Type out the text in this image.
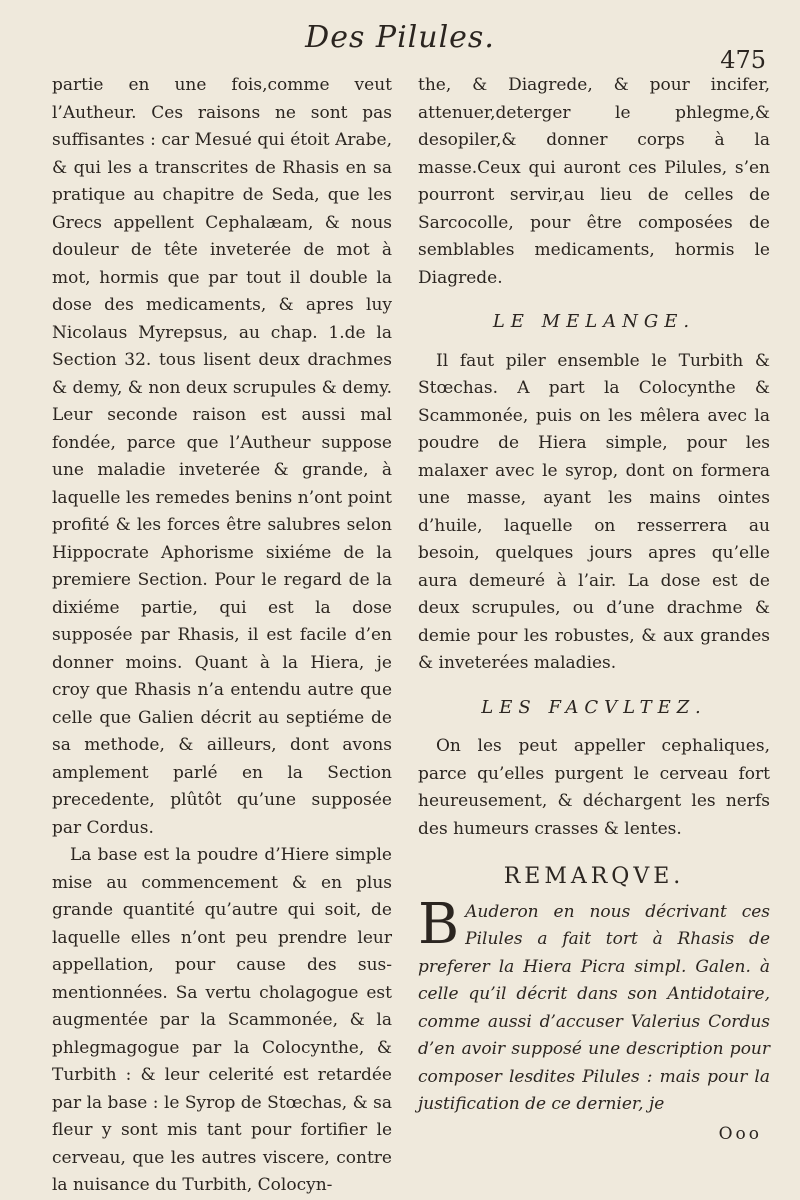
Des Pilules.
475

partie en une fois,comme veut l’Autheur. Ces raisons ne sont pas suffisantes : car Mesué qui étoit Arabe, & qui les a transcrites de Rhasis en sa pratique au chapitre de Seda, que les Grecs appellent Cephalæam, & nous douleur de tête inveterée de mot à mot, hormis que par tout il double la dose des medicaments, & apres luy Nicolaus Myrepsus, au chap. 1.de la Section 32. tous lisent deux drachmes & demy, & non deux scrupules & demy. Leur seconde raison est aussi mal fondée, parce que l’Autheur suppose une maladie inveterée & grande, à laquelle les remedes benins n’ont point profité & les forces être salubres selon Hippocrate Aphorisme sixiéme de la premiere Section. Pour le regard de la dixiéme partie, qui est la dose supposée par Rhasis, il est facile d’en donner moins. Quant à la Hiera, je croy que Rhasis n’a entendu autre que celle que Galien décrit au septiéme de sa methode, & ailleurs, dont avons amplement parlé en la Section precedente, plûtôt qu’une supposée par Cordus.

La base est la poudre d’Hiere simple mise au commencement & en plus grande quantité qu’autre qui soit, de laquelle elles n’ont peu prendre leur appellation, pour cause des sus-mentionnées. Sa vertu cholagogue est augmentée par la Scammonée, & la phlegmagogue par la Colocynthe, & Turbith : & leur celerité est retardée par la base : le Syrop de Stœchas, & sa fleur y sont mis tant pour fortifier le cerveau, que les autres viscere, contre la nuisance du Turbith, Colocyn-

the, & Diagrede, & pour incifer, attenuer,deterger le phlegme,& desopiler,& donner corps à la masse.Ceux qui auront ces Pilules, s’en pourront servir,au lieu de celles de Sarcocolle, pour être composées de semblables medicaments, hormis le Diagrede.

LE MELANGE.

Il faut piler ensemble le Turbith & Stœchas. A part la Colocynthe & Scammonée, puis on les mêlera avec la poudre de Hiera simple, pour les malaxer avec le syrop, dont on formera une masse, ayant les mains ointes d’huile, laquelle on resserrera au besoin, quelques jours apres qu’elle aura demeuré à l’air. La dose est de deux scrupules, ou d’une drachme & demie pour les robustes, & aux grandes & inveterées maladies.

LES FACVLTEZ.

On les peut appeller cephaliques, parce qu’elles purgent le cerveau fort heureusement, & déchargent les nerfs des humeurs crasses & lentes.

REMARQVE.

B Auderon en nous décrivant ces Pilules a fait tort à Rhasis de preferer la Hiera Picra simpl. Galen. à celle qu’il décrit dans son Antidotaire, comme aussi d’accuser Valerius Cordus d’en avoir supposé une description pour composer lesdites Pilules : mais pour la justification de ce dernier, je

Ooo
